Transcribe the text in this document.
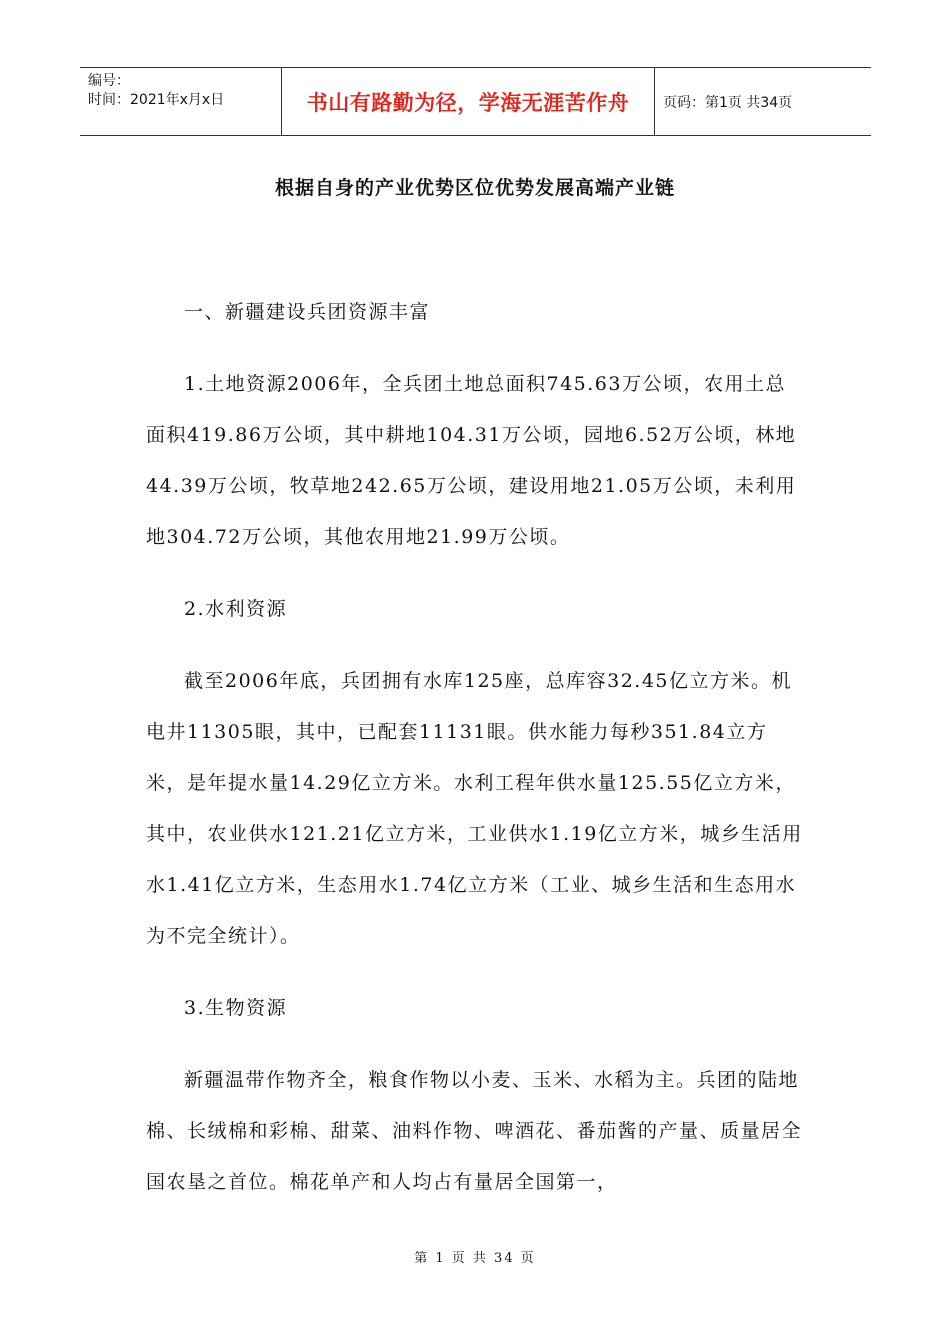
编号：
时间：2021年x月x日	书山有路勤为径，学海无涯苦作舟	页码：第1页 共34页
根据自身的产业优势区位优势发展高端产业链

一、新疆建设兵团资源丰富

1.土地资源2006年，全兵团土地总面积745.63万公顷，农用土总面积419.86万公顷，其中耕地104.31万公顷，园地6.52万公顷，林地44.39万公顷，牧草地242.65万公顷，建设用地21.05万公顷，未利用地304.72万公顷，其他农用地21.99万公顷。

2.水利资源

截至2006年底，兵团拥有水库125座，总库容32.45亿立方米。机电井11305眼，其中，已配套11131眼。供水能力每秒351.84立方米，是年提水量14.29亿立方米。水利工程年供水量125.55亿立方米，其中，农业供水121.21亿立方米，工业供水1.19亿立方米，城乡生活用水1.41亿立方米，生态用水1.74亿立方米（工业、城乡生活和生态用水为不完全统计）。

3.生物资源

新疆温带作物齐全，粮食作物以小麦、玉米、水稻为主。兵团的陆地棉、长绒棉和彩棉、甜菜、油料作物、啤酒花、番茄酱的产量、质量居全国农垦之首位。棉花单产和人均占有量居全国第一，

第 1 页 共 34 页
